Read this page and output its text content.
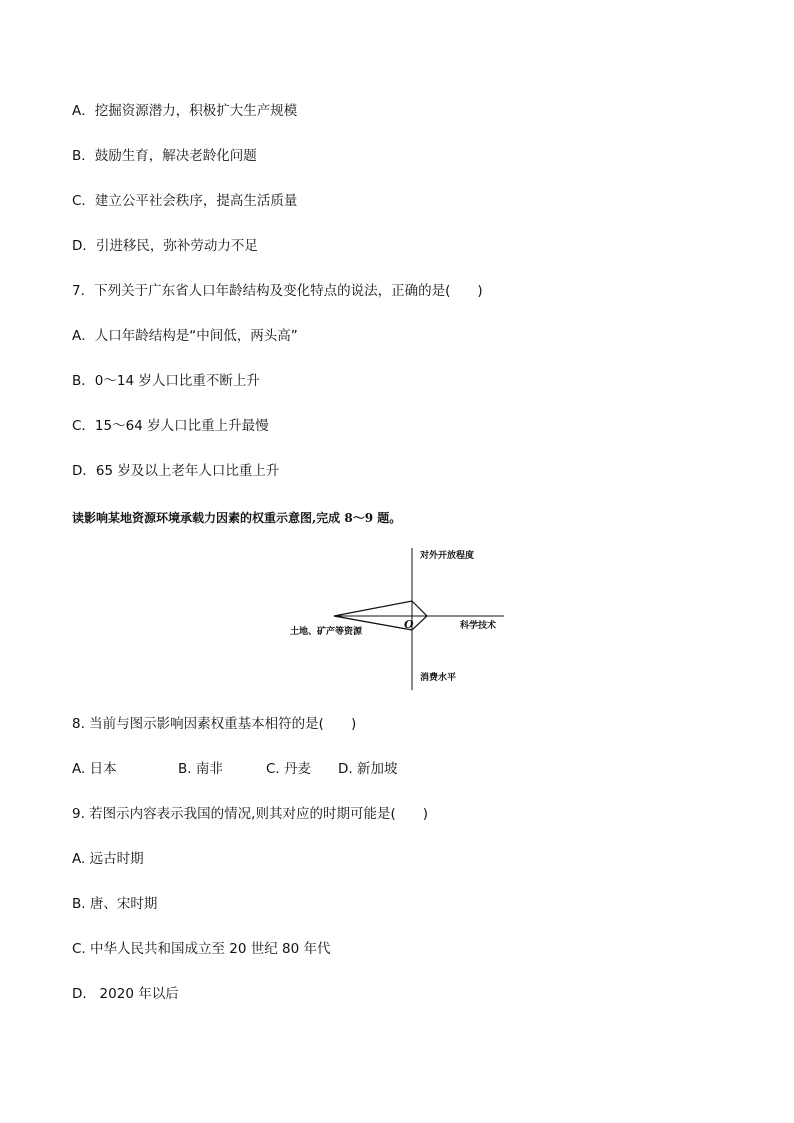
A．挖掘资源潜力，积极扩大生产规模

B．鼓励生育，解决老龄化问题

C．建立公平社会秩序，提高生活质量

D．引进移民，弥补劳动力不足

7．下列关于广东省人口年龄结构及变化特点的说法，正确的是(　　)

A．人口年龄结构是“中间低，两头高”

B．0～14 岁人口比重不断上升

C．15～64 岁人口比重上升最慢

D．65 岁及以上老年人口比重上升

读影响某地资源环境承载力因素的权重示意图,完成 8～9 题。

对外开放程度
土地、矿产等资源
科学技术
消费水平
O

8. 当前与图示影响因素权重基本相符的是(　　)

A. 日本	B. 南非	C. 丹麦 D. 新加坡

9. 若图示内容表示我国的情况,则其对应的时期可能是(　　)

A. 远古时期

B. 唐、宋时期

C. 中华人民共和国成立至 20 世纪 80 年代

D.   2020 年以后
